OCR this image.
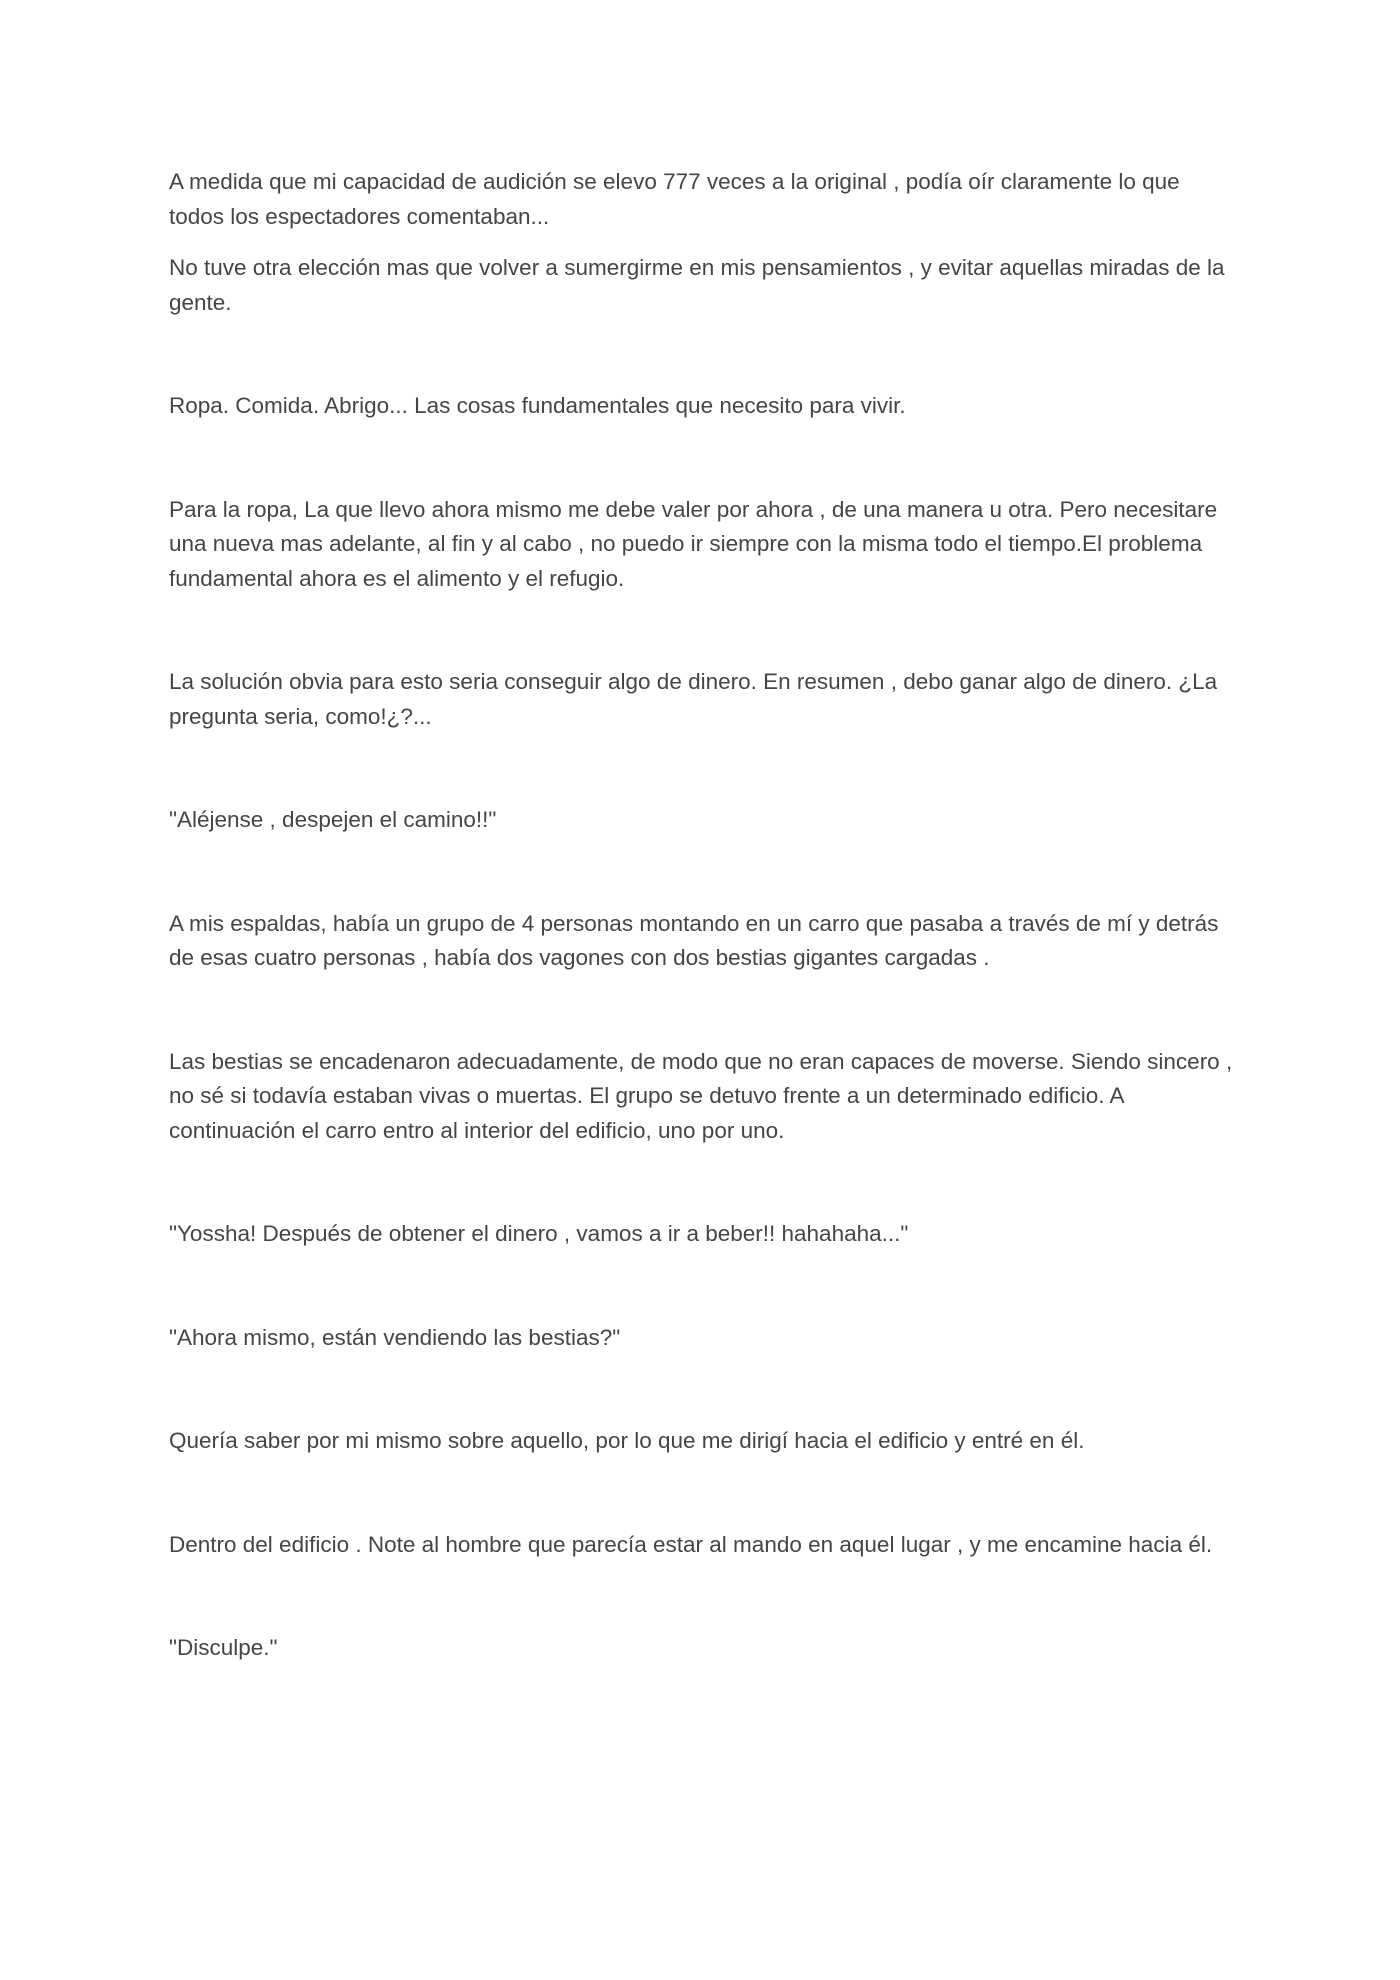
A medida que mi capacidad de audición se elevo 777 veces a la original , podía oír claramente lo que todos los espectadores comentaban...

No tuve otra elección mas que volver a sumergirme en mis pensamientos , y evitar aquellas miradas de la gente.

Ropa. Comida. Abrigo... Las cosas fundamentales que necesito para vivir.

Para la ropa, La que llevo ahora mismo me debe valer por ahora , de una manera u otra. Pero necesitare una nueva mas adelante, al fin y al cabo , no puedo ir siempre con la misma todo el tiempo.El problema fundamental ahora es el alimento y el refugio.

La solución obvia para esto seria conseguir algo de dinero. En resumen , debo ganar algo de dinero. ¿La pregunta seria, como!¿?...

"Aléjense , despejen el camino!!"

A mis espaldas, había un grupo de 4 personas montando en un carro que pasaba a través de mí y detrás de esas cuatro personas , había dos vagones con dos bestias gigantes cargadas .

Las bestias se encadenaron adecuadamente, de modo que no eran capaces de moverse. Siendo sincero , no sé si todavía estaban vivas o muertas. El grupo se detuvo frente a un determinado edificio. A continuación el carro entro al interior del edificio, uno por uno.

"Yossha! Después de obtener el dinero , vamos a ir a beber!! hahahaha..."

"Ahora mismo, están vendiendo las bestias?"

Quería saber por mi mismo sobre aquello, por lo que me dirigí hacia el edificio y entré en él.

Dentro del edificio . Note al hombre que parecía estar al mando en aquel lugar , y me encamine hacia él.

"Disculpe."
